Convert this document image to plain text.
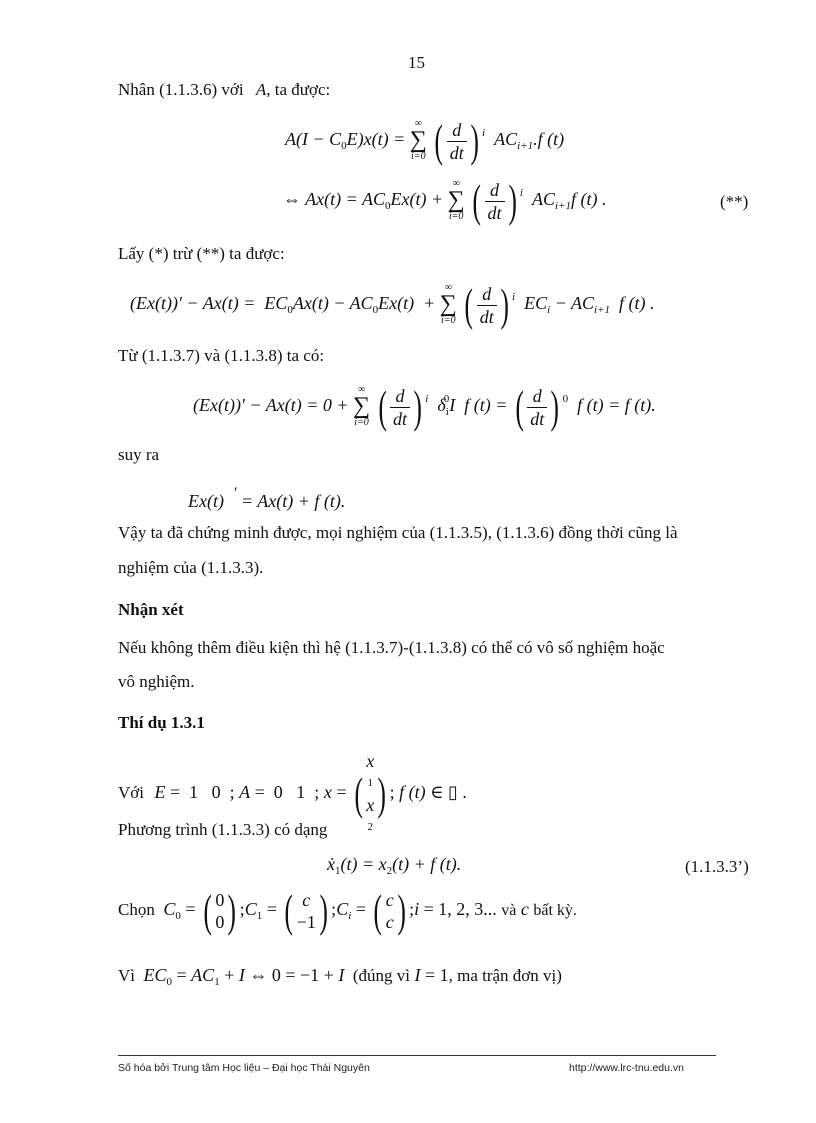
15
Nhân (1.1.3.6) với A, ta được:
$A(I - C_0E)x(t)$ =
∞
∑
i=0 ( $\frac{d}{dt}$ ) $^i$  $AC_{i+1}.f$ (t)
⇔ $Ax(t) = AC_0Ex(t)$ +
∞
∑
i=0 ( $\frac{d}{dt}$ ) $^i$  $AC_{i+1}f$ (t) .	(**)
Lấy (*) trừ (**) ta được:
$(Ex(t))' - Ax(t) = EC_0Ax(t) - AC_0Ex(t)$  +
∞
∑
i=0 ( $\frac{d}{dt}$ ) $^i$  $EC_i - AC_{i+1}$  f (t) .
Từ (1.1.3.7) và (1.1.3.8) ta có:
(Ex(t))′ − Ax(t) = 0 +
∞
∑
i=0 ( $\frac{d}{dt}$ ) $^i$  $\delta_i^0I$  f (t) = ( $\frac{d}{dt}$ ) $^0$  f (t) = f (t).
suy ra
Ex(t)  ′ = Ax(t) + f (t).
Vậy ta đã chứng minh được, mọi nghiệm của (1.1.3.5), (1.1.3.6) đồng thời cũng là
nghiệm của (1.1.3.3).
Nhận xét
Nếu không thêm điều kiện thì hệ (1.1.3.7)-(1.1.3.8) có thể có vô số nghiệm hoặc
vô nghiệm.
Thí dụ 1.3.1
Với E =  1   0  ; A =  0   1  ; x = (
x
1
x
2
) ; f (t) ∈ ▯ .
Phương trình (1.1.3.3) có dạng
ẋ$_1$(t) = $x_2(t) + f$ (t).	(1.1.3.3’)
Chọn $C_0$ = ( 0
0 ) $;C_1$ = ( c
−1 ) $;C_i$ = ( c
c ) ;i = 1, 2, 3... và c bất kỳ.
Vì $EC_0 = AC_1 + I$ ⇔ 0 = −1 + I (đúng vì I = 1, ma trận đơn vị)
Số hóa bởi Trung tâm Học liệu – Đại học Thái Nguyên	http://www.lrc-tnu.edu.vn
